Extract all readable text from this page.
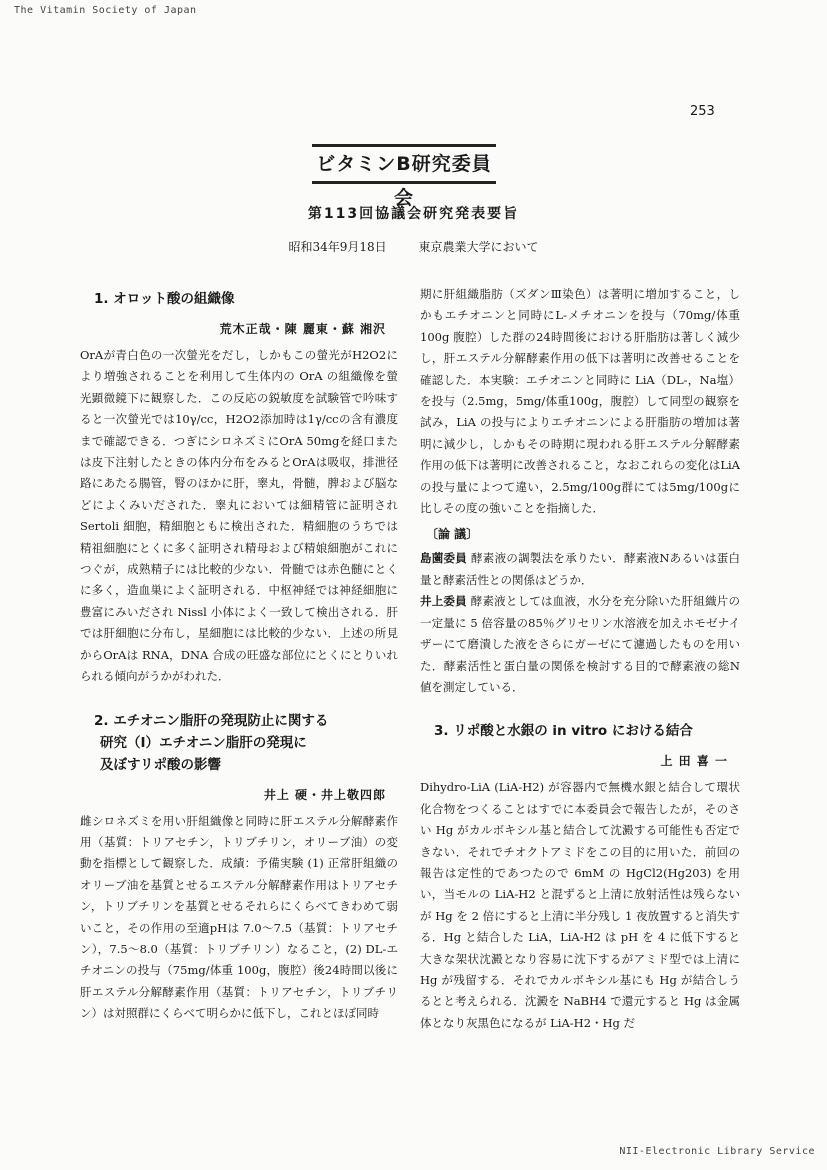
The Vitamin Society of Japan
253
ビタミンB研究委員会
第113回協議会研究発表要旨
昭和34年9月18日	東京農業大学において
1. オロット酸の組織像
荒木正哉・陳 麗東・蘇 湘沢

OrAが青白色の一次螢光をだし，しかもこの螢光がH2O2により増強されることを利用して生体内の OrA の組織像を螢光顕微鏡下に観察した．この反応の鋭敏度を試験管で吟味すると一次螢光では10γ/cc，H2O2添加時は1γ/ccの含有濃度まで確認できる．つぎにシロネズミにOrA 50mgを経口または皮下注射したときの体内分布をみるとOrAは吸収，排泄径路にあたる腸管，腎のほかに肝，睾丸，骨髄，脾および脳などによくみいだされた．睾丸においては細精管に証明され Sertoli 細胞，精細胞ともに検出された．精細胞のうちでは精祖細胞にとくに多く証明され精母および精娘細胞がこれにつぐが，成熟精子には比較的少ない．骨髄では赤色髄にとくに多く，造血巣によく証明される．中枢神経では神経細胞に豊富にみいだされ Nissl 小体によく一致して検出される．肝では肝細胞に分布し，星細胞には比較的少ない．上述の所見からOrAは RNA，DNA 合成の旺盛な部位にとくにとりいれられる傾向がうかがわれた．

2. エチオニン脂肝の発現防止に関する
研究（Ⅰ）エチオニン脂肝の発現に
及ぼすリポ酸の影響
井上 硬・井上敬四郎

雌シロネズミを用い肝組織像と同時に肝エステル分解酵素作用（基質：トリアセチン，トリブチリン，オリーブ油）の変動を指標として観察した．成績：予備実験 (1) 正常肝組織のオリーブ油を基質とせるエステル分解酵素作用はトリアセチン，トリブチリンを基質とせるそれらにくらべてきわめて弱いこと，その作用の至適pHは 7.0〜7.5（基質：トリアセチン），7.5〜8.0（基質：トリブチリン）なること，(2) DL-エチオニンの投与（75mg/体重 100g，腹腔）後24時間以後に肝エステル分解酵素作用（基質：トリアセチン，トリブチリン）は対照群にくらべて明らかに低下し，これとほぼ同時

期に肝組織脂肪（ズダンⅢ染色）は著明に増加すること，しかもエチオニンと同時にL-メチオニンを投与（70mg/体重100g 腹腔）した群の24時間後における肝脂肪は著しく減少し，肝エステル分解酵素作用の低下は著明に改善せることを確認した．本実験：エチオニンと同時に LiA（DL-，Na塩）を投与（2.5mg，5mg/体重100g，腹腔）して同型の観察を試み，LiA の投与によりエチオニンによる肝脂肪の増加は著明に減少し，しかもその時期に現われる肝エステル分解酵素作用の低下は著明に改善されること，なおこれらの変化はLiAの投与量によつて違い，2.5mg/100g群にては5mg/100gに比しその度の強いことを指摘した．

〔論 議〕

島薗委員 酵素液の調製法を承りたい．酵素液Nあるいは蛋白量と酵素活性との関係はどうか．

井上委員 酵素液としては血液，水分を充分除いた肝組織片の一定量に 5 倍容量の85％グリセリン水溶液を加えホモゼナイザーにて磨潰した液をさらにガーゼにて濾過したものを用いた．酵素活性と蛋白量の関係を検討する目的で酵素液の総N値を測定している．

3. リポ酸と水銀の in vitro における結合
上 田 喜 一

Dihydro-LiA (LiA-H2) が容器内で無機水銀と結合して環状化合物をつくることはすでに本委員会で報告したが，そのさい Hg がカルボキシル基と結合して沈澱する可能性も否定できない．それでチオクトアミドをこの目的に用いた．前回の報告は定性的であつたので 6mM の HgCl2(Hg203) を用い，当モルの LiA-H2 と混ずると上清に放射活性は残らないが Hg を 2 倍にすると上清に半分残し 1 夜放置すると消失する．Hg と結合した LiA，LiA-H2 は pH を 4 に低下すると大きな架状沈澱となり容易に沈下するがアミド型では上清に Hg が残留する．それでカルボキシル基にも Hg が結合しうるとと考えられる．沈澱を NaBH4 で還元すると Hg は金属体となり灰黒色になるが LiA-H2・Hg だ

NII-Electronic Library Service
